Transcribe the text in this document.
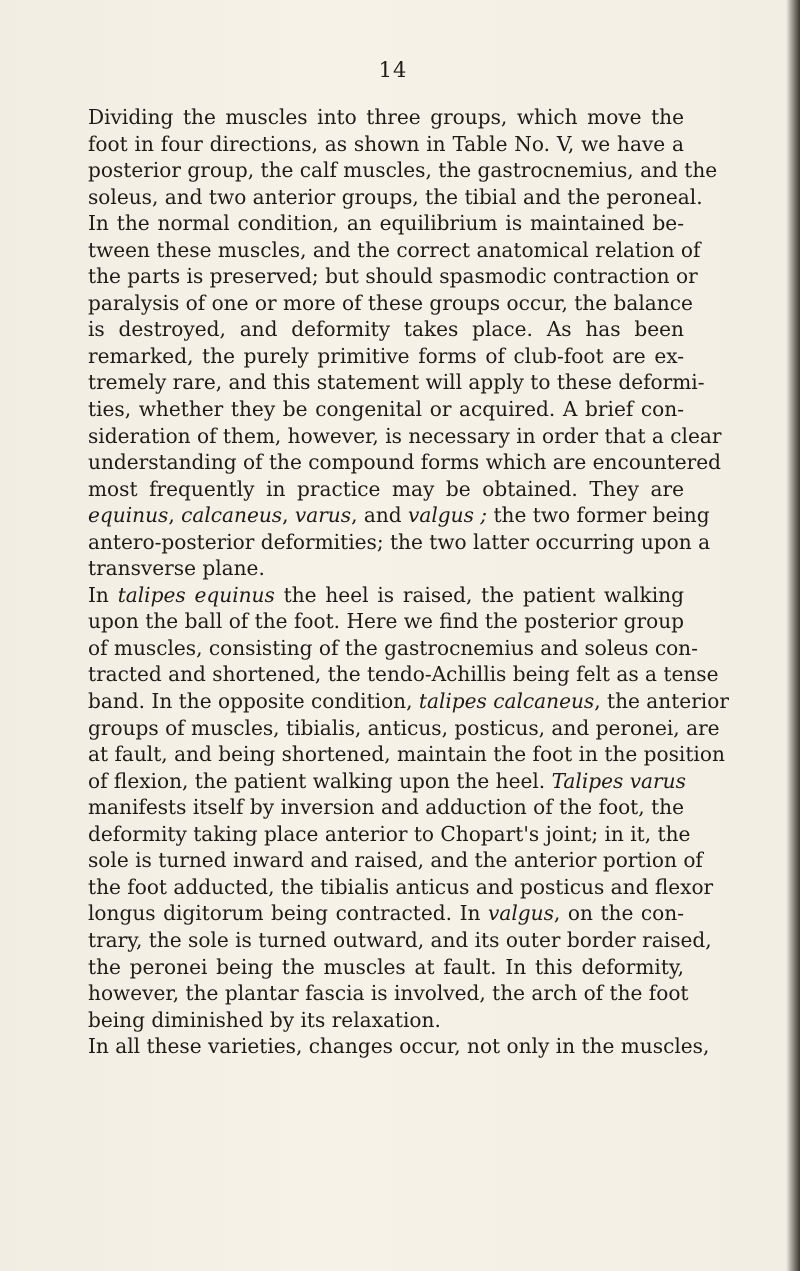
14

Dividing the muscles into three groups, which move the
foot in four directions, as shown in Table No. V, we have a
posterior group, the calf muscles, the gastrocnemius, and the
soleus, and two anterior groups, the tibial and the peroneal.
In the normal condition, an equilibrium is maintained be-
tween these muscles, and the correct anatomical relation of
the parts is preserved; but should spasmodic contraction or
paralysis of one or more of these groups occur, the balance
is destroyed, and deformity takes place. As has been
remarked, the purely primitive forms of club-foot are ex-
tremely rare, and this statement will apply to these deformi-
ties, whether they be congenital or acquired. A brief con-
sideration of them, however, is necessary in order that a clear
understanding of the compound forms which are encountered
most frequently in practice may be obtained. They are
equinus, calcaneus, varus, and valgus ; the two former being
antero-posterior deformities; the two latter occurring upon a
transverse plane.

In talipes equinus the heel is raised, the patient walking
upon the ball of the foot. Here we find the posterior group
of muscles, consisting of the gastrocnemius and soleus con-
tracted and shortened, the tendo-Achillis being felt as a tense
band. In the opposite condition, talipes calcaneus, the anterior
groups of muscles, tibialis, anticus, posticus, and peronei, are
at fault, and being shortened, maintain the foot in the position
of flexion, the patient walking upon the heel. Talipes varus
manifests itself by inversion and adduction of the foot, the
deformity taking place anterior to Chopart's joint; in it, the
sole is turned inward and raised, and the anterior portion of
the foot adducted, the tibialis anticus and posticus and flexor
longus digitorum being contracted. In valgus, on the con-
trary, the sole is turned outward, and its outer border raised,
the peronei being the muscles at fault. In this deformity,
however, the plantar fascia is involved, the arch of the foot
being diminished by its relaxation.

In all these varieties, changes occur, not only in the muscles,
